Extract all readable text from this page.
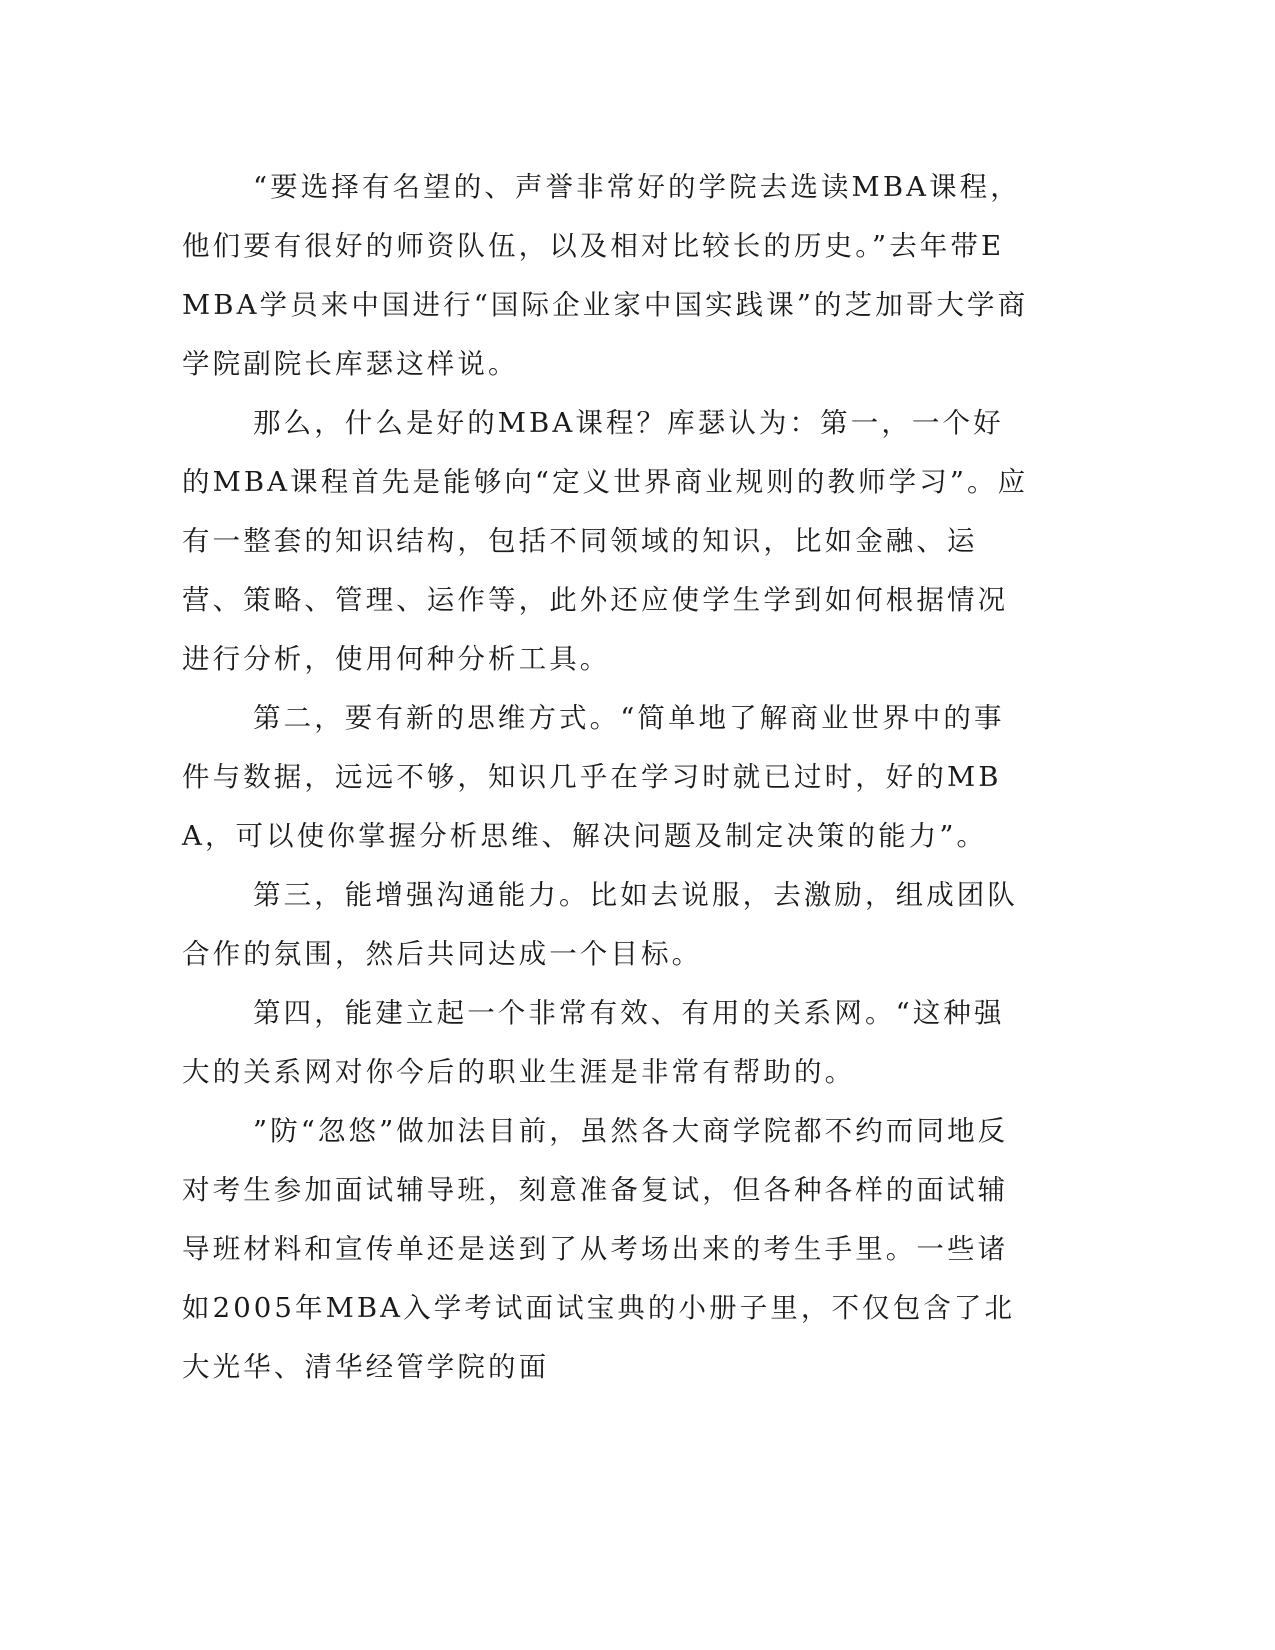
“要选择有名望的、声誉非常好的学院去选读MBA课程，他们要有很好的师资队伍，以及相对比较长的历史。”去年带EMBA学员来中国进行“国际企业家中国实践课”的芝加哥大学商学院副院长库瑟这样说。

那么，什么是好的MBA课程？库瑟认为：第一，一个好的MBA课程首先是能够向“定义世界商业规则的教师学习”。应有一整套的知识结构，包括不同领域的知识，比如金融、运营、策略、管理、运作等，此外还应使学生学到如何根据情况进行分析，使用何种分析工具。

第二，要有新的思维方式。“简单地了解商业世界中的事件与数据，远远不够，知识几乎在学习时就已过时，好的MBA，可以使你掌握分析思维、解决问题及制定决策的能力”。

第三，能增强沟通能力。比如去说服，去激励，组成团队合作的氛围，然后共同达成一个目标。

第四，能建立起一个非常有效、有用的关系网。“这种强大的关系网对你今后的职业生涯是非常有帮助的。

”防“忽悠”做加法目前，虽然各大商学院都不约而同地反对考生参加面试辅导班，刻意准备复试，但各种各样的面试辅导班材料和宣传单还是送到了从考场出来的考生手里。一些诸如2005年MBA入学考试面试宝典的小册子里，不仅包含了北大光华、清华经管学院的面
